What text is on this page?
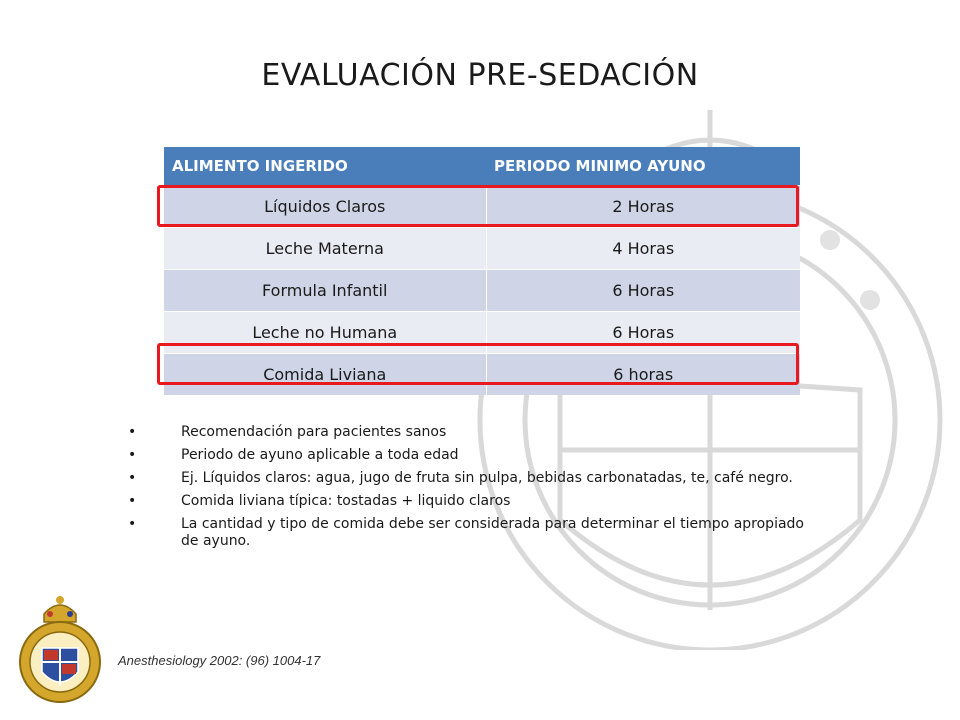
EVALUACIÓN PRE-SEDACIÓN
ALIMENTO INGERIDO	PERIODO MINIMO AYUNO
Líquidos Claros	2 Horas
Leche Materna	4 Horas
Formula Infantil	6 Horas
Leche no Humana	6 Horas
Comida Liviana	6 horas
• Recomendación para pacientes sanos
• Periodo de ayuno aplicable a toda edad
• Ej. Líquidos claros: agua, jugo de fruta sin pulpa, bebidas carbonatadas, te, café negro.
• Comida liviana típica: tostadas + liquido claros
• La cantidad y tipo de comida debe ser considerada para determinar el tiempo apropiado de ayuno.
Anesthesiology 2002: (96) 1004-17
